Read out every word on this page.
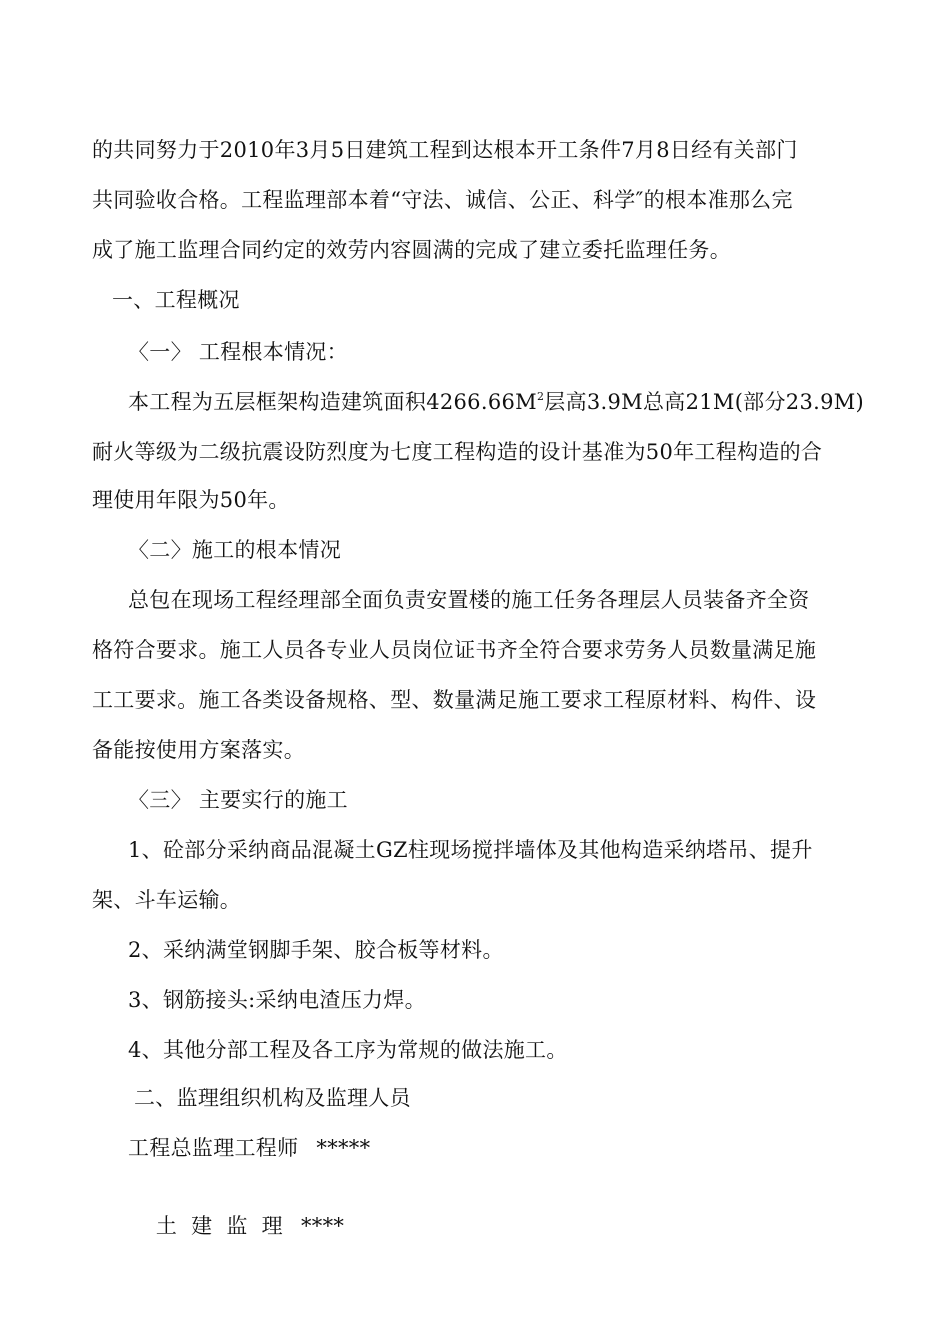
的共同努力于2010年3月5日建筑工程到达根本开工条件7月8日经有关部门
共同验收合格。工程监理部本着“守法、诚信、公正、科学″的根本准那么完
成了施工监理合同约定的效劳内容圆满的完成了建立委托监理任务。
一、工程概况
〈一〉 工程根本情况：
本工程为五层框架构造建筑面积$4266.66M^2$层高3.9M总高21M(部分23.9M)
耐火等级为二级抗震设防烈度为七度工程构造的设计基准为50年工程构造的合
理使用年限为50年。
〈二〉施工的根本情况
总包在现场工程经理部全面负责安置楼的施工任务各理层人员装备齐全资
格符合要求。施工人员各专业人员岗位证书齐全符合要求劳务人员数量满足施
工工要求。施工各类设备规格、型、数量满足施工要求工程原材料、构件、设
备能按使用方案落实。
〈三〉 主要实行的施工
1、砼部分采纳商品混凝土GZ柱现场搅拌墙体及其他构造采纳塔吊、提升
架、斗车运输。
2、采纳满堂钢脚手架、胶合板等材料。
3、钢筋接头:采纳电渣压力焊。
4、其他分部工程及各工序为常规的做法施工。
二、监理组织机构及监理人员
工程总监理工程师 *****

土  建  监  理 ****
